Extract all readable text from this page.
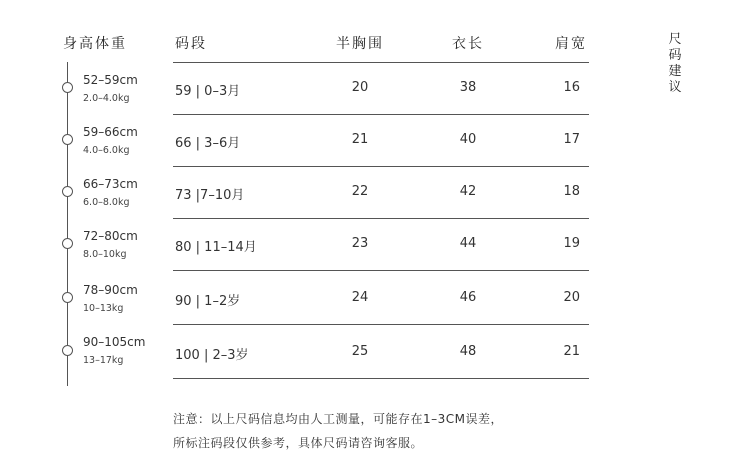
身高体重	码段	半胸围	衣长	肩宽	尺
码
建
议
52–59cm
2.0–4.0kg	59 | 0–3月	20	38	16
59–66cm
4.0–6.0kg	66 | 3–6月	21	40	17
66–73cm
6.0–8.0kg	73 |7–10月	22	42	18
72–80cm
8.0–10kg	80 | 11–14月	23	44	19
78–90cm
10–13kg	90 | 1–2岁	24	46	20
90–105cm
13–17kg	100 | 2–3岁	25	48	21
注意：以上尺码信息均由人工测量，可能存在1–3CM误差，
所标注码段仅供参考，具体尺码请咨询客服。
